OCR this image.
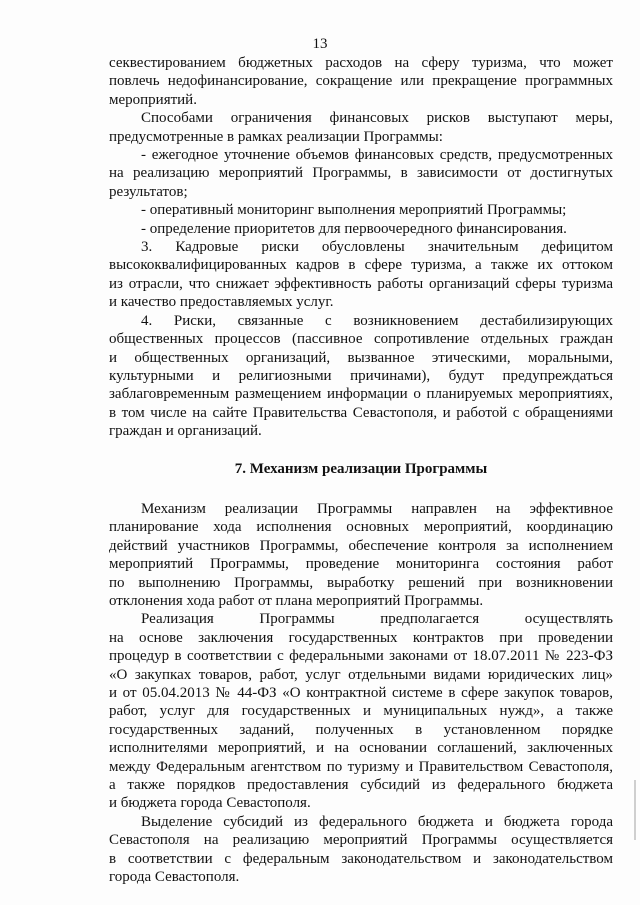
13
секвестированием бюджетных расходов на сферу туризма, что может
повлечь недофинансирование, сокращение или прекращение программных
мероприятий.
Способами ограничения финансовых рисков выступают меры,
предусмотренные в рамках реализации Программы:
- ежегодное уточнение объемов финансовых средств, предусмотренных
на реализацию мероприятий Программы, в зависимости от достигнутых
результатов;
- оперативный мониторинг выполнения мероприятий Программы;
- определение приоритетов для первоочередного финансирования.
3. Кадровые риски обусловлены значительным дефицитом
высококвалифицированных кадров в сфере туризма, а также их оттоком
из отрасли, что снижает эффективность работы организаций сферы туризма
и качество предоставляемых услуг.
4. Риски, связанные с возникновением дестабилизирующих
общественных процессов (пассивное сопротивление отдельных граждан
и общественных организаций, вызванное этическими, моральными,
культурными и религиозными причинами), будут предупреждаться
заблаговременным размещением информации о планируемых мероприятиях,
в том числе на сайте Правительства Севастополя, и работой с обращениями
граждан и организаций.
7. Механизм реализации Программы
Механизм реализации Программы направлен на эффективное
планирование хода исполнения основных мероприятий, координацию
действий участников Программы, обеспечение контроля за исполнением
мероприятий Программы, проведение мониторинга состояния работ
по выполнению Программы, выработку решений при возникновении
отклонения хода работ от плана мероприятий Программы.
Реализация Программы предполагается осуществлять
на основе заключения государственных контрактов при проведении
процедур в соответствии с федеральными законами от 18.07.2011 № 223-ФЗ
«О закупках товаров, работ, услуг отдельными видами юридических лиц»
и от 05.04.2013 № 44-ФЗ «О контрактной системе в сфере закупок товаров,
работ, услуг для государственных и муниципальных нужд», а также
государственных заданий, полученных в установленном порядке
исполнителями мероприятий, и на основании соглашений, заключенных
между Федеральным агентством по туризму и Правительством Севастополя,
а также порядков предоставления субсидий из федерального бюджета
и бюджета города Севастополя.
Выделение субсидий из федерального бюджета и бюджета города
Севастополя на реализацию мероприятий Программы осуществляется
в соответствии с федеральным законодательством и законодательством
города Севастополя.
